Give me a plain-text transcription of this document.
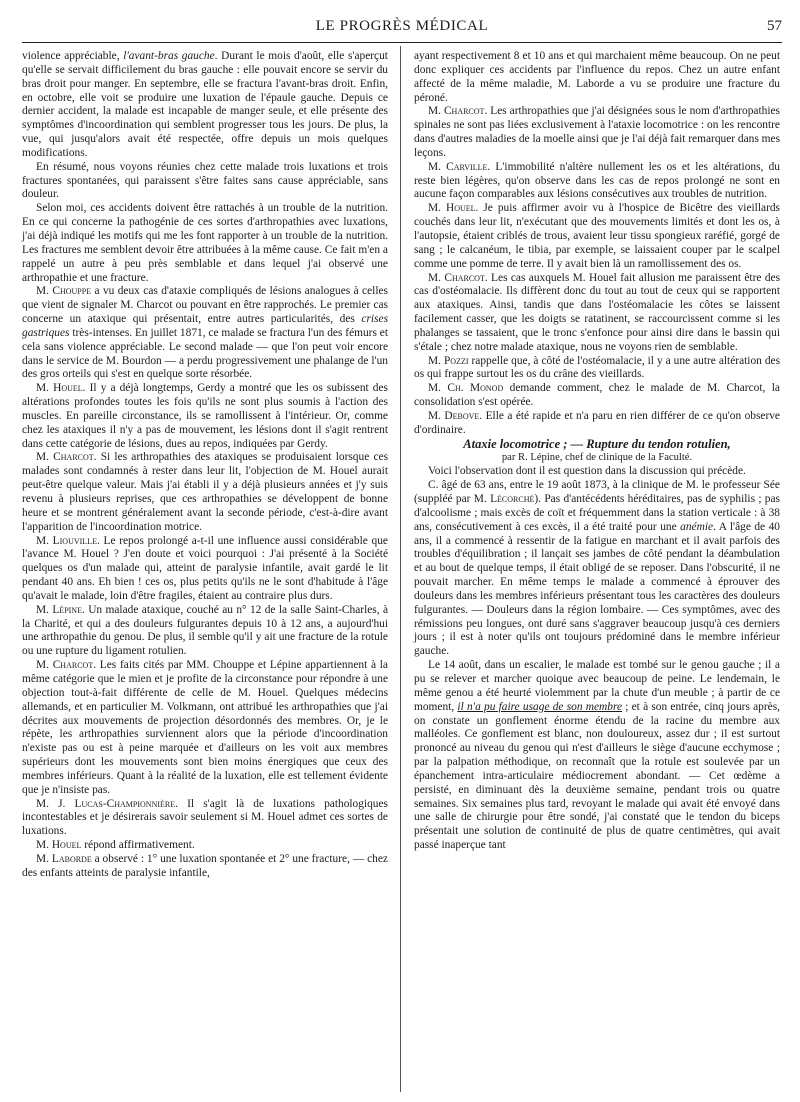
LE PROGRÈS MÉDICAL	57

violence appréciable, l'avant-bras gauche. Durant le mois d'août, elle s'aperçut qu'elle se servait difficilement du bras gauche : elle pouvait encore se servir du bras droit pour manger. En septembre, elle se fractura l'avant-bras droit. Enfin, en octobre, elle voit se produire une luxation de l'épaule gauche. Depuis ce dernier accident, la malade est incapable de manger seule, et elle présente des symptômes d'incoordination qui semblent progresser tous les jours. De plus, la vue, qui jusqu'alors avait été respectée, offre depuis un mois quelques modifications.

En résumé, nous voyons réunies chez cette malade trois luxations et trois fractures spontanées, qui paraissent s'être faites sans cause appréciable, sans douleur.

Selon moi, ces accidents doivent être rattachés à un trouble de la nutrition. En ce qui concerne la pathogénie de ces sortes d'arthropathies avec luxations, j'ai déjà indiqué les motifs qui me les font rapporter à un trouble de la nutrition. Les fractures me semblent devoir être attribuées à la même cause. Ce fait m'en a rappelé un autre à peu près semblable et dans lequel j'ai observé une arthropathie et une fracture.

M. Chouppe a vu deux cas d'ataxie compliqués de lésions analogues à celles que vient de signaler M. Charcot ou pouvant en être rapprochés. Le premier cas concerne un ataxique qui présentait, entre autres particularités, des crises gastriques très-intenses. En juillet 1871, ce malade se fractura l'un des fémurs et cela sans violence appréciable. Le second malade — que l'on peut voir encore dans le service de M. Bourdon — a perdu progressivement une phalange de l'un des gros orteils qui s'est en quelque sorte résorbée.

M. Houel. Il y a déjà longtemps, Gerdy a montré que les os subissent des altérations profondes toutes les fois qu'ils ne sont plus soumis à l'action des muscles. En pareille circonstance, ils se ramollissent à l'intérieur. Or, comme chez les ataxiques il n'y a pas de mouvement, les lésions dont il s'agit rentrent dans cette catégorie de lésions, dues au repos, indiquées par Gerdy.

M. Charcot. Si les arthropathies des ataxiques se produisaient lorsque ces malades sont condamnés à rester dans leur lit, l'objection de M. Houel aurait peut-être quelque valeur. Mais j'ai établi il y a déjà plusieurs années et j'y suis revenu à plusieurs reprises, que ces arthropathies se développent de bonne heure et se montrent généralement avant la seconde période, c'est-à-dire avant l'apparition de l'incoordination motrice.

M. Liouville. Le repos prolongé a-t-il une influence aussi considérable que l'avance M. Houel ? J'en doute et voici pourquoi : J'ai présenté à la Société quelques os d'un malade qui, atteint de paralysie infantile, avait gardé le lit pendant 40 ans. Eh bien ! ces os, plus petits qu'ils ne le sont d'habitude à l'âge qu'avait le malade, loin d'être fragiles, étaient au contraire plus durs.

M. Lépine. Un malade ataxique, couché au n° 12 de la salle Saint-Charles, à la Charité, et qui a des douleurs fulgurantes depuis 10 à 12 ans, a aujourd'hui une arthropathie du genou. De plus, il semble qu'il y ait une fracture de la rotule ou une rupture du ligament rotulien.

M. Charcot. Les faits cités par MM. Chouppe et Lépine appartiennent à la même catégorie que le mien et je profite de la circonstance pour répondre à une objection tout-à-fait différente de celle de M. Houel. Quelques médecins allemands, et en particulier M. Volkmann, ont attribué les arthropathies que j'ai décrites aux mouvements de projection désordonnés des membres. Or, je le répète, les arthropathies surviennent alors que la période d'incoordination n'existe pas ou est à peine marquée et d'ailleurs on les voit aux membres supérieurs dont les mouvements sont bien moins énergiques que ceux des membres inférieurs. Quant à la réalité de la luxation, elle est tellement évidente que je n'insiste pas.

M. J. Lucas-Championnière. Il s'agit là de luxations pathologiques incontestables et je désirerais savoir seulement si M. Houel admet ces sortes de luxations.

M. Houel répond affirmativement.

M. Laborde a observé : 1° une luxation spontanée et 2° une fracture, — chez des enfants atteints de paralysie infantile,

ayant respectivement 8 et 10 ans et qui marchaient même beaucoup. On ne peut donc expliquer ces accidents par l'influence du repos. Chez un autre enfant affecté de la même maladie, M. Laborde a vu se produire une fracture du péroné.

M. Charcot. Les arthropathies que j'ai désignées sous le nom d'arthropathies spinales ne sont pas liées exclusivement à l'ataxie locomotrice : on les rencontre dans d'autres maladies de la moelle ainsi que je l'ai déjà fait remarquer dans mes leçons.

M. Carville. L'immobilité n'altère nullement les os et les altérations, du reste bien légères, qu'on observe dans les cas de repos prolongé ne sont en aucune façon comparables aux lésions consécutives aux troubles de nutrition.

M. Houel. Je puis affirmer avoir vu à l'hospice de Bicêtre des vieillards couchés dans leur lit, n'exécutant que des mouvements limités et dont les os, à l'autopsie, étaient criblés de trous, avaient leur tissu spongieux raréfié, gorgé de sang ; le calcanéum, le tibia, par exemple, se laissaient couper par le scalpel comme une pomme de terre. Il y avait bien là un ramollissement des os.

M. Charcot. Les cas auxquels M. Houel fait allusion me paraissent être des cas d'ostéomalacie. Ils diffèrent donc du tout au tout de ceux qui se rapportent aux ataxiques. Ainsi, tandis que dans l'ostéomalacie les côtes se laissent facilement casser, que les doigts se ratatinent, se raccourcissent comme si les phalanges se tassaient, que le tronc s'enfonce pour ainsi dire dans le bassin qui s'étale ; chez notre malade ataxique, nous ne voyons rien de semblable.

M. Pozzi rappelle que, à côté de l'ostéomalacie, il y a une autre altération des os qui frappe surtout les os du crâne des vieillards.

M. Ch. Monod demande comment, chez le malade de M. Charcot, la consolidation s'est opérée.

M. Debove. Elle a été rapide et n'a paru en rien différer de ce qu'on observe d'ordinaire.

Ataxie locomotrice ; — Rupture du tendon rotulien,

par R. Lépine, chef de clinique de la Faculté.

Voici l'observation dont il est question dans la discussion qui précède.

C. âgé de 63 ans, entre le 19 août 1873, à la clinique de M. le professeur Sée (suppléé par M. Lécorché). Pas d'antécédents héréditaires, pas de syphilis ; pas d'alcoolisme ; mais excès de coït et fréquemment dans la station verticale : à 38 ans, consécutivement à ces excès, il a été traité pour une anémie. A l'âge de 40 ans, il a commencé à ressentir de la fatigue en marchant et il avait parfois des troubles d'équilibration ; il lançait ses jambes de côté pendant la déambulation et au bout de quelque temps, il était obligé de se reposer. Dans l'obscurité, il ne pouvait marcher. En même temps le malade a commencé à éprouver des douleurs dans les membres inférieurs présentant tous les caractères des douleurs fulgurantes. — Douleurs dans la région lombaire. — Ces symptômes, avec des rémissions peu longues, ont duré sans s'aggraver beaucoup jusqu'à ces derniers jours ; il est à noter qu'ils ont toujours prédominé dans le membre inférieur gauche.

Le 14 août, dans un escalier, le malade est tombé sur le genou gauche ; il a pu se relever et marcher quoique avec beaucoup de peine. Le lendemain, le même genou a été heurté violemment par la chute d'un meuble ; à partir de ce moment, il n'a pu faire usage de son membre ; et à son entrée, cinq jours après, on constate un gonflement énorme étendu de la racine du membre aux malléoles. Ce gonflement est blanc, non douloureux, assez dur ; il est surtout prononcé au niveau du genou qui n'est d'ailleurs le siège d'aucune ecchymose ; par la palpation méthodique, on reconnaît que la rotule est soulevée par un épanchement intra-articulaire médiocrement abondant. — Cet œdème a persisté, en diminuant dès la deuxième semaine, pendant trois ou quatre semaines. Six semaines plus tard, revoyant le malade qui avait été envoyé dans une salle de chirurgie pour être sondé, j'ai constaté que le tendon du biceps présentait une solution de continuité de plus de quatre centimètres, qui avait passé inaperçue tant
